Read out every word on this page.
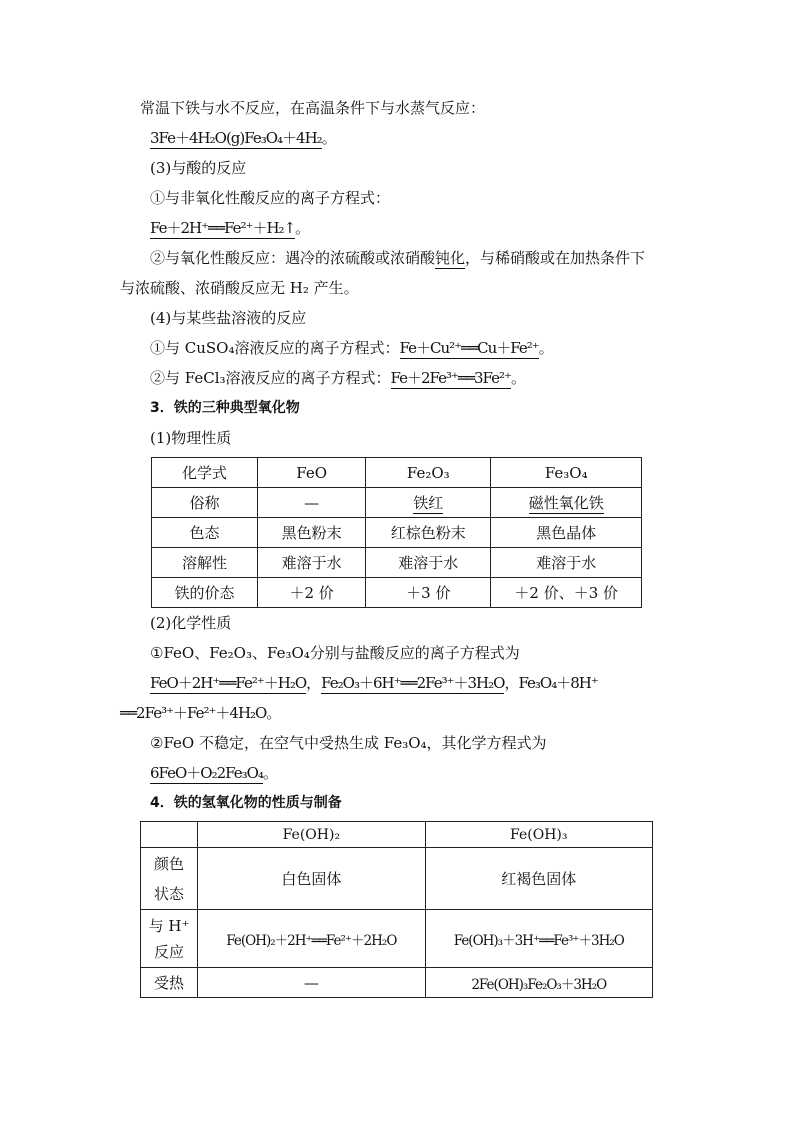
常温下铁与水不反应，在高温条件下与水蒸气反应：
3Fe＋4H₂O(g)Fe₃O₄＋4H₂。
(3)与酸的反应
①与非氧化性酸反应的离子方程式：
Fe＋2H⁺══Fe²⁺＋H₂↑。
②与氧化性酸反应：遇冷的浓硫酸或浓硝酸钝化，与稀硝酸或在加热条件下
与浓硫酸、浓硝酸反应无 H₂ 产生。
(4)与某些盐溶液的反应
①与 CuSO₄溶液反应的离子方程式：Fe＋Cu²⁺══Cu＋Fe²⁺。
②与 FeCl₃溶液反应的离子方程式：Fe＋2Fe³⁺══3Fe²⁺。
3．铁的三种典型氧化物
(1)物理性质
化学式	FeO	Fe₂O₃	Fe₃O₄
俗称	—	铁红	磁性氧化铁
色态	黑色粉末	红棕色粉末	黑色晶体
溶解性	难溶于水	难溶于水	难溶于水
铁的价态	＋2 价	＋3 价	＋2 价、＋3 价
(2)化学性质
①FeO、Fe₂O₃、Fe₃O₄分别与盐酸反应的离子方程式为
FeO＋2H⁺══Fe²⁺＋H₂O，Fe₂O₃＋6H⁺══2Fe³⁺＋3H₂O，Fe₃O₄＋8H⁺
══2Fe³⁺＋Fe²⁺＋4H₂O。
②FeO 不稳定，在空气中受热生成 Fe₃O₄，其化学方程式为
6FeO＋O₂2Fe₃O₄。
4．铁的氢氧化物的性质与制备
	Fe(OH)₂	Fe(OH)₃

颜色
状态	白色固体	红褐色固体

与 H⁺
反应	Fe(OH)₂＋2H⁺══Fe²⁺＋2H₂O	Fe(OH)₃＋3H⁺══Fe³⁺＋3H₂O
受热	—	2Fe(OH)₃Fe₂O₃＋3H₂O
